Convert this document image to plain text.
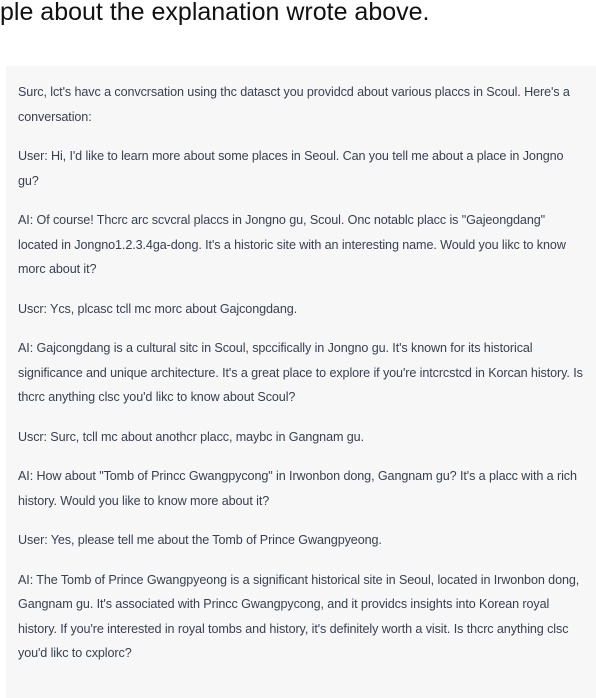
ple about the explanation wrote above.

Surc, lct's havc a convcrsation using thc datasct you providcd about various placcs in Scoul. Here's a conversation:

User: Hi, I'd like to learn more about some places in Seoul. Can you tell me about a place in Jongno gu?

AI: Of course! Thcrc arc scvcral placcs in Jongno gu, Scoul. Onc notablc placc is "Gajeongdang" located in Jongno1.2.3.4ga-dong. It's a historic site with an interesting name. Would you likc to know morc about it?

Uscr: Ycs, plcasc tcll mc morc about Gajcongdang.

AI: Gajcongdang is a cultural sitc in Scoul, spccifically in Jongno gu. It's known for its historical significance and unique architecture. It's a great place to explore if you're intcrcstcd in Korcan history. Is thcrc anything clsc you'd likc to know about Scoul?

Uscr: Surc, tcll mc about anothcr placc, maybc in Gangnam gu.

AI: How about "Tomb of Princc Gwangpycong" in Irwonbon dong, Gangnam gu? It's a placc with a rich history. Would you like to know more about it?

User: Yes, please tell me about the Tomb of Prince Gwangpyeong.

AI: The Tomb of Prince Gwangpyeong is a significant historical site in Seoul, located in Irwonbon dong, Gangnam gu. It's associated with Princc Gwangpycong, and it providcs insights into Korean royal history. If you're interested in royal tombs and history, it's definitely worth a visit. Is thcrc anything clsc you'd likc to cxplorc?
